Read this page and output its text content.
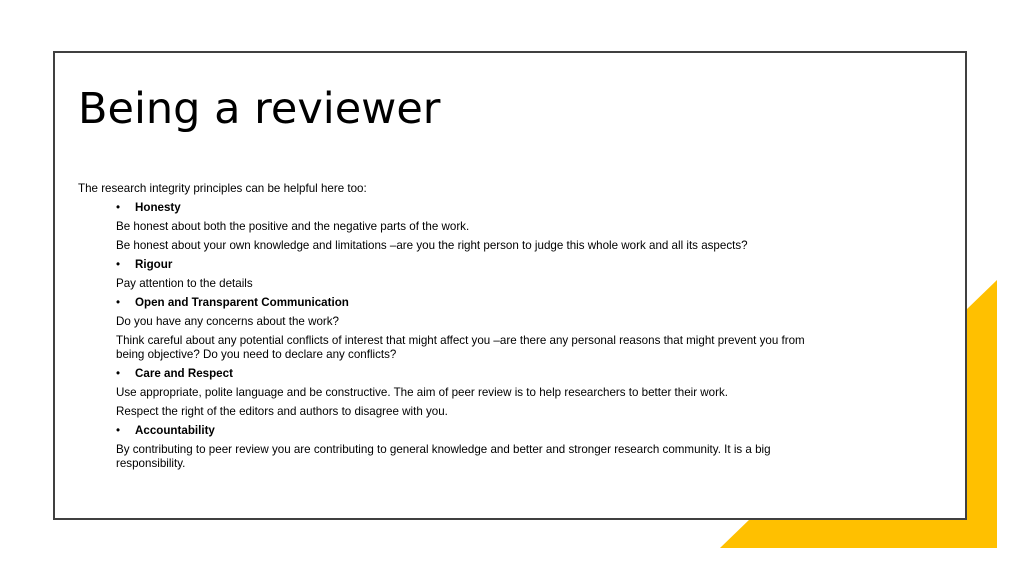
Being a reviewer

The research integrity principles can be helpful here too:

• Honesty

Be honest about both the positive and the negative parts of the work.

Be honest about your own knowledge and limitations –are you the right person to judge this whole work and all its aspects?

• Rigour

Pay attention to the details

• Open and Transparent Communication

Do you have any concerns about the work?

Think careful about any potential conflicts of interest that might affect you –are there any personal reasons that might prevent you from being objective? Do you need to declare any conflicts?

• Care and Respect

Use appropriate, polite language and be constructive. The aim of peer review is to help researchers to better their work.

Respect the right of the editors and authors to disagree with you.

• Accountability

By contributing to peer review you are contributing to general knowledge and better and stronger research community. It is a big responsibility.
